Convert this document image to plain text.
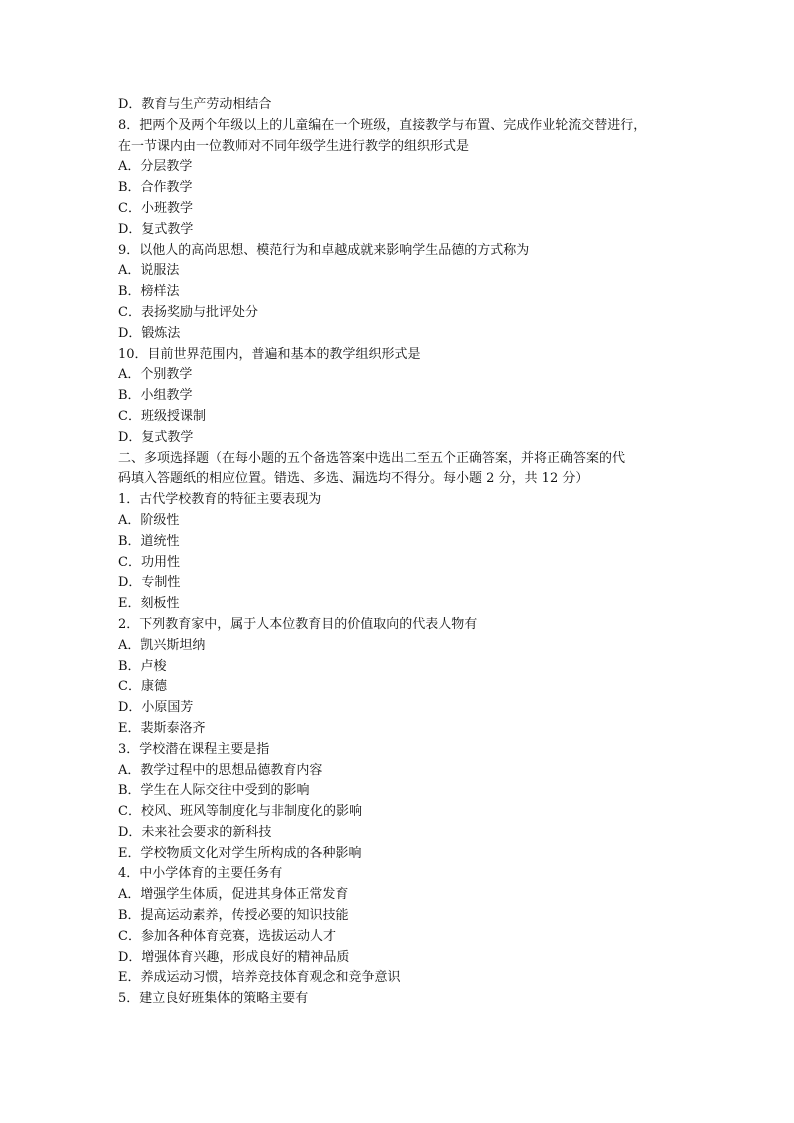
D．教育与生产劳动相结合
8．把两个及两个年级以上的儿童编在一个班级，直接教学与布置、完成作业轮流交替进行，
在一节课内由一位教师对不同年级学生进行教学的组织形式是
A．分层教学
B．合作教学
C．小班教学
D．复式教学
9．以他人的高尚思想、模范行为和卓越成就来影响学生品德的方式称为
A．说服法
B．榜样法
C．表扬奖励与批评处分
D．锻炼法
10．目前世界范围内，普遍和基本的教学组织形式是
A．个别教学
B．小组教学
C．班级授课制
D．复式教学
二、多项选择题（在每小题的五个备选答案中选出二至五个正确答案，并将正确答案的代
码填入答题纸的相应位置。错选、多选、漏选均不得分。每小题 2 分，共 12 分）
1．古代学校教育的特征主要表现为
A．阶级性
B．道统性
C．功用性
D．专制性
E．刻板性
2．下列教育家中，属于人本位教育目的价值取向的代表人物有
A．凯兴斯坦纳
B．卢梭
C．康德
D．小原国芳
E．裴斯泰洛齐
3．学校潜在课程主要是指
A．教学过程中的思想品德教育内容
B．学生在人际交往中受到的影响
C．校风、班风等制度化与非制度化的影响
D．未来社会要求的新科技
E．学校物质文化对学生所构成的各种影响
4．中小学体育的主要任务有
A．增强学生体质，促进其身体正常发育
B．提高运动素养，传授必要的知识技能
C．参加各种体育竞赛，选拔运动人才
D．增强体育兴趣，形成良好的精神品质
E．养成运动习惯，培养竞技体育观念和竞争意识
5．建立良好班集体的策略主要有
